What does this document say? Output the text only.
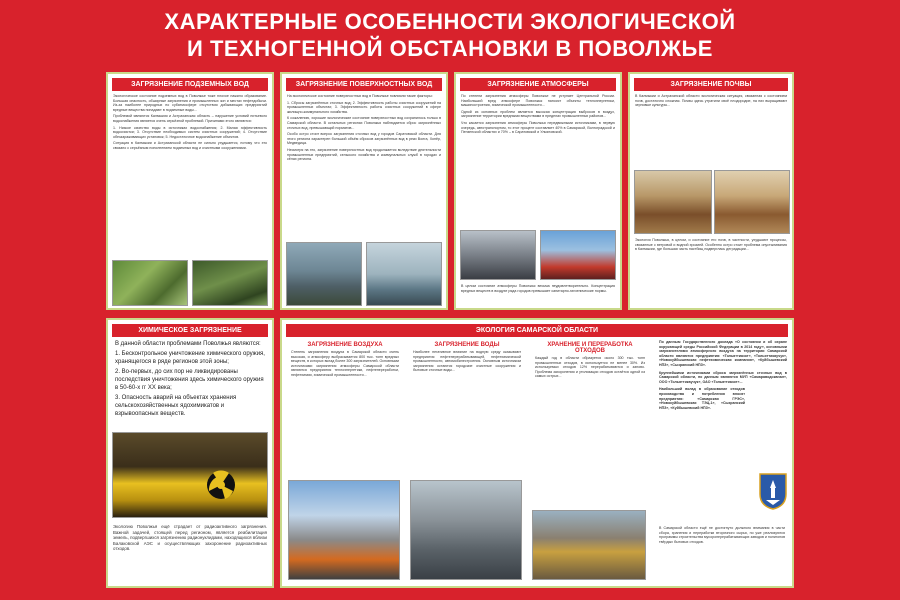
ХАРАКТЕРНЫЕ ОСОБЕННОСТИ ЭКОЛОГИЧЕСКОЙ
И ТЕХНОГЕННОЙ ОБСТАНОВКИ В ПОВОЛЖЬЕ
ЗАГРЯЗНЕНИЕ ПОДЗЕМНЫХ ВОД

Экологическое состояние подземных вод в Поволжье тоже плохое нажило образование. Большая опасность, обширные загрязнения и промышленных зон и местах нефтедобычи. Из-за наиболее природных по субатмосфере отсутствия добывающих предприятий вредные вещества попадают в подземные воды...

Проблемой являются Калмыкия и Астраханская область – нарушение условий питьевого водоснабжения является очень серьёзной проблемой. Причинами этого являются:

1. Низкое качество воды в источниках водоснабжения; 2. Малая эффективность водоочистки; 3. Отсутствие необходимых систем очистных сооружений; 4. Отсутствие обеззараживающих установок; 5. Недостаточное водоснабжение объектов.

Ситуация в Калмыкии и Астраханской области не сильно ухудшается, потому что это связано с серьёзным пополнением подземных вод и очистными сооружениями.

ЗАГРЯЗНЕНИЕ ПОВЕРХНОСТНЫХ ВОД

На экологическое состояние поверхностных вод в Поволжье повлияли такие факторы:

1. Сбросы загрязнённых сточных вод; 2. Эффективность работы очистных сооружений на промышленных объектах; 3. Эффективность работы очистных сооружений в сфере жилищно-коммунального хозяйства.

К сожалению, хорошие экологические состояние поверхностных вод сохранилось только в Самарской области. В остальных регионах Поволжья наблюдается сброс загрязнённых сточных вод, превышающий норматив...

Особо остро стоит вопрос загрязнения сточных вод у городов Саратовской области. Для этого региона характерен большой объём сбросов загрязнённых вод в реки Волга, Хопёр, Медведица.

Несмотря на это, загрязнение поверхностных вод продолжается вследствие деятельности промышленных предприятий, сельского хозяйства и коммунальных служб в городах и сёлах региона.

ЗАГРЯЗНЕНИЕ АТМОСФЕРЫ

По степени загрязнения атмосферы Поволжье не уступает Центральной России. Наибольший вред атмосфере Поволжья наносят объекты теплоэнергетики, машиностроения, химической промышленности...

Одной из основных проблем является высокая концентрация выбросов в воздух, загрязнение территории вредными веществами в пределах промышленных районов...

Что касается загрязнения атмосферы Поволжья передвижными источниками, в первую очередь, автотранспортом, то этот процент составляет 40% в Самарской, Волгоградской и Пензенской областях и 70% – в Саратовской и Ульяновской.

В целом состояние атмосферы Поволжья весьма неудовлетворительно. Концентрация вредных веществ в воздухе ряда городов превышает санитарно-гигиенические нормы.

ЗАГРЯЗНЕНИЕ ПОЧВЫ

В Калмыкии и Астраханской области экологическая ситуация, связанная с состоянием почв, достаточно сложная. Почвы здесь утратили своё плодородие, на них выращивают зерновые культуры...

Экология Поволжья, в целом, и состояние его почв, в частности, ухудшают процессы, связанные с ветровой и водной эрозией. Особенно остро стоит проблема опустынивания в Калмыкии, где большая часть пастбищ подверглась деградации...

ХИМИЧЕСКОЕ ЗАГРЯЗНЕНИЕ

В данной области проблемами Поволжья являются:

1. Бесконтрольное уничтожение химического оружия, хранящегося в ряде регионов этой зоны;

2. Во-первых, до сих пор не ликвидированы последствия уничтожения здесь химического оружия в 50-60-х гг XX века;

3. Опасность аварий на объектах хранения сельскохозяйственных ядохимикатов и взрывоопасных веществ.

Экологию Поволжья ещё страдает от радиоактивного загрязнения. Важной задачей, стоящей перед регионом, является реабилитация земель, подвергшихся загрязнению радионуклидами, находящихся вблизи Балаковской АЭС и осуществляющих захоронение радиоактивных отходов.

ЭКОЛОГИЯ САМАРСКОЙ ОБЛАСТИ
ЗАГРЯЗНЕНИЕ ВОЗДУХА
Степень загрязнения воздуха в Самарской области очень высокая, и атмосферу выбрасывается 800 тыс. тонн вредных веществ, в которых вклад более 300 загрязнителей. Основными источниками загрязнения атмосферы Самарской области являются предприятия теплоэнергетики, нефтепереработки, нефтехимии, химической промышленности...
ЗАГРЯЗНЕНИЕ ВОДЫ
Наиболее негативное влияние на водную среду оказывают предприятия нефтеперерабатывающей, нефтехимической промышленности, автомобилестроения. Основным источником загрязнения остаются городские очистные сооружения и бытовые сточные воды...
ХРАНЕНИЕ И ПЕРЕРАБОТКА ОТХОДОВ
Каждый год в области образуется около 300 тыс. тонн промышленных отходов, в используется не менее 30%. Из используемых отходов 12% перерабатываются и заново. Проблема захоронения и утилизации отходов остаётся одной из самых острых...
По данным Государственного доклада «О состоянии и об охране окружающей среды Российской Федерации в 2014 году», основными загрязнителями атмосферного воздуха на территории Самарской области являются предприятия: «Тольяттиазот», «Тольяттикаучук», «Новокуйбышевская нефтехимическая компания», «Куйбышевский НПЗ», «Сызранский НПЗ».
Крупнейшими источниками сброса загрязнённых сточных вод в Самарской области, по данным являются МУП «Самараводоканал», ООО «Тольяттикаучук», ОАО «Тольяттиазот»...
Наибольший вклад в образование отходов производства и потребления вносят предприятия: «Самарская ГРЭС», «Новокуйбышевская ТЭЦ-1», «Сызранский НПЗ», «Куйбышевский НПЗ».
В Самарской области ещё не достигнуто должного внимания в части сбора, хранения и переработки вторичного сырья, но уже реализуются программы строительства мусороперерабатывающих заводов и полигонов твёрдых бытовых отходов.
